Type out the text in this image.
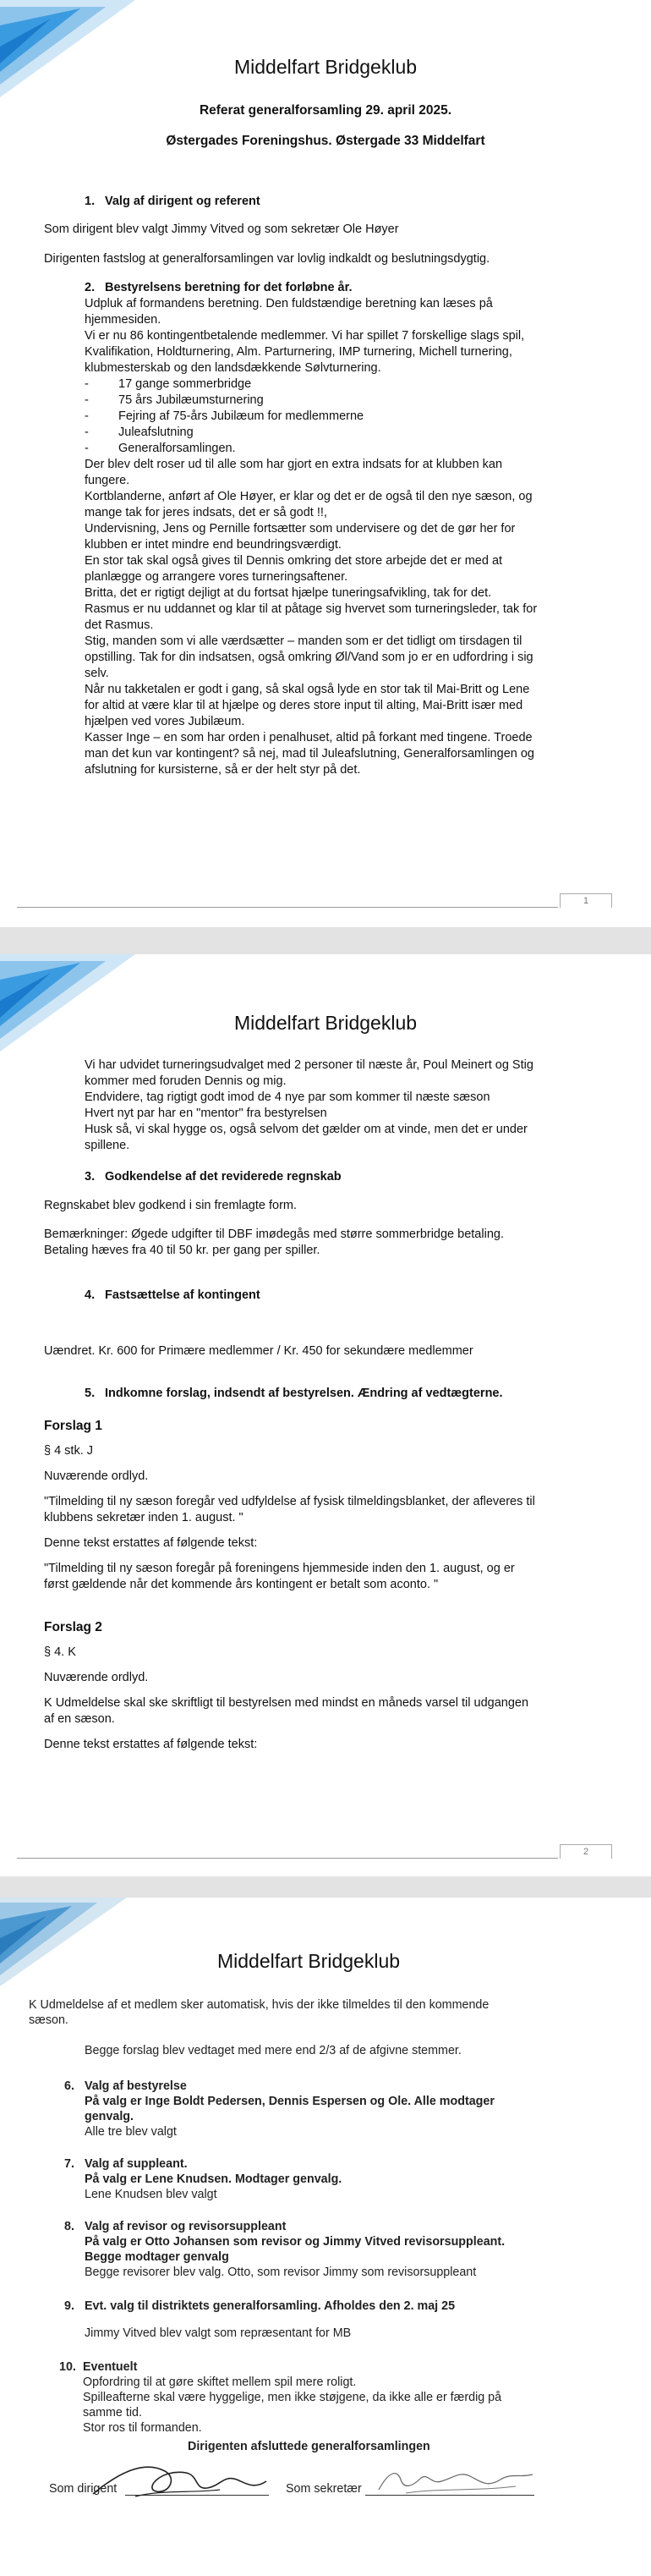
Middelfart Bridgeklub
Referat generalforsamling 29. april 2025.
Østergades Foreningshus. Østergade 33 Middelfart
1. Valg af dirigent og referent
Som dirigent blev valgt Jimmy Vitved og som sekretær Ole Høyer
Dirigenten fastslog at generalforsamlingen var lovlig indkaldt og beslutningsdygtig.
2. Bestyrelsens beretning for det forløbne år.
Udpluk af formandens beretning. Den fuldstændige beretning kan læses på
hjemmesiden.
Vi er nu 86 kontingentbetalende medlemmer. Vi har spillet 7 forskellige slags spil,
Kvalifikation, Holdturnering, Alm. Parturnering, IMP turnering, Michell turnering,
klubmesterskab og den landsdækkende Sølvturnering.
- 17 gange sommerbridge
- 75 års Jubilæumsturnering
- Fejring af 75-års Jubilæum for medlemmerne
- Juleafslutning
- Generalforsamlingen.
Der blev delt roser ud til alle som har gjort en extra indsats for at klubben kan
fungere.
Kortblanderne, anført af Ole Høyer, er klar og det er de også til den nye sæson, og
mange tak for jeres indsats, det er så godt !!,
Undervisning, Jens og Pernille fortsætter som undervisere og det de gør her for
klubben er intet mindre end beundringsværdigt.
En stor tak skal også gives til Dennis omkring det store arbejde det er med at
planlægge og arrangere vores turneringsaftener.
Britta, det er rigtigt dejligt at du fortsat hjælpe tuneringsafvikling, tak for det.
Rasmus er nu uddannet og klar til at påtage sig hvervet som turneringsleder, tak for
det Rasmus.
Stig, manden som vi alle værdsætter – manden som er det tidligt om tirsdagen til
opstilling. Tak for din indsatsen, også omkring Øl/Vand som jo er en udfordring i sig
selv.
Når nu takketalen er godt i gang, så skal også lyde en stor tak til Mai-Britt og Lene
for altid at være klar til at hjælpe og deres store input til alting, Mai-Britt især med
hjælpen ved vores Jubilæum.
Kasser Inge – en som har orden i penalhuset, altid på forkant med tingene. Troede
man det kun var kontingent? så nej, mad til Juleafslutning, Generalforsamlingen og
afslutning for kursisterne, så er der helt styr på det.
1
Middelfart Bridgeklub
Vi har udvidet turneringsudvalget med 2 personer til næste år, Poul Meinert og Stig
kommer med foruden Dennis og mig.
Endvidere, tag rigtigt godt imod de 4 nye par som kommer til næste sæson
Hvert nyt par har en "mentor" fra bestyrelsen
Husk så, vi skal hygge os, også selvom det gælder om at vinde, men det er under
spillene.
3. Godkendelse af det reviderede regnskab
Regnskabet blev godkend i sin fremlagte form.
Bemærkninger: Øgede udgifter til DBF imødegås med større sommerbridge betaling.
Betaling hæves fra 40 til 50 kr. per gang per spiller.
4. Fastsættelse af kontingent
Uændret. Kr. 600 for Primære medlemmer / Kr. 450 for sekundære medlemmer
5. Indkomne forslag, indsendt af bestyrelsen. Ændring af vedtægterne.
Forslag 1
§ 4 stk. J
Nuværende ordlyd.
"Tilmelding til ny sæson foregår ved udfyldelse af fysisk tilmeldingsblanket, der afleveres til
klubbens sekretær inden 1. august. "
Denne tekst erstattes af følgende tekst:
"Tilmelding til ny sæson foregår på foreningens hjemmeside inden den 1. august, og er
først gældende når det kommende års kontingent er betalt som aconto. "
Forslag 2
§ 4. K
Nuværende ordlyd.
K Udmeldelse skal ske skriftligt til bestyrelsen med mindst en måneds varsel til udgangen
af en sæson.
Denne tekst erstattes af følgende tekst:
2
Middelfart Bridgeklub
K Udmeldelse af et medlem sker automatisk, hvis der ikke tilmeldes til den kommende
sæson.
Begge forslag blev vedtaget med mere end 2/3 af de afgivne stemmer.
6. Valg af bestyrelse
På valg er Inge Boldt Pedersen, Dennis Espersen og Ole. Alle modtager
genvalg.
Alle tre blev valgt
7. Valg af suppleant.
På valg er Lene Knudsen. Modtager genvalg.
Lene Knudsen blev valgt
8. Valg af revisor og revisorsuppleant
På valg er Otto Johansen som revisor og Jimmy Vitved revisorsuppleant.
Begge modtager genvalg
Begge revisorer blev valg. Otto, som revisor Jimmy som revisorsuppleant
9. Evt. valg til distriktets generalforsamling. Afholdes den 2. maj 25
Jimmy Vitved blev valgt som repræsentant for MB
10. Eventuelt
Opfordring til at gøre skiftet mellem spil mere roligt.
Spilleafterne skal være hyggelige, men ikke støjgene, da ikke alle er færdig på
samme tid.
Stor ros til formanden.
Dirigenten afsluttede generalforsamlingen
Som dirigent	Som sekretær
